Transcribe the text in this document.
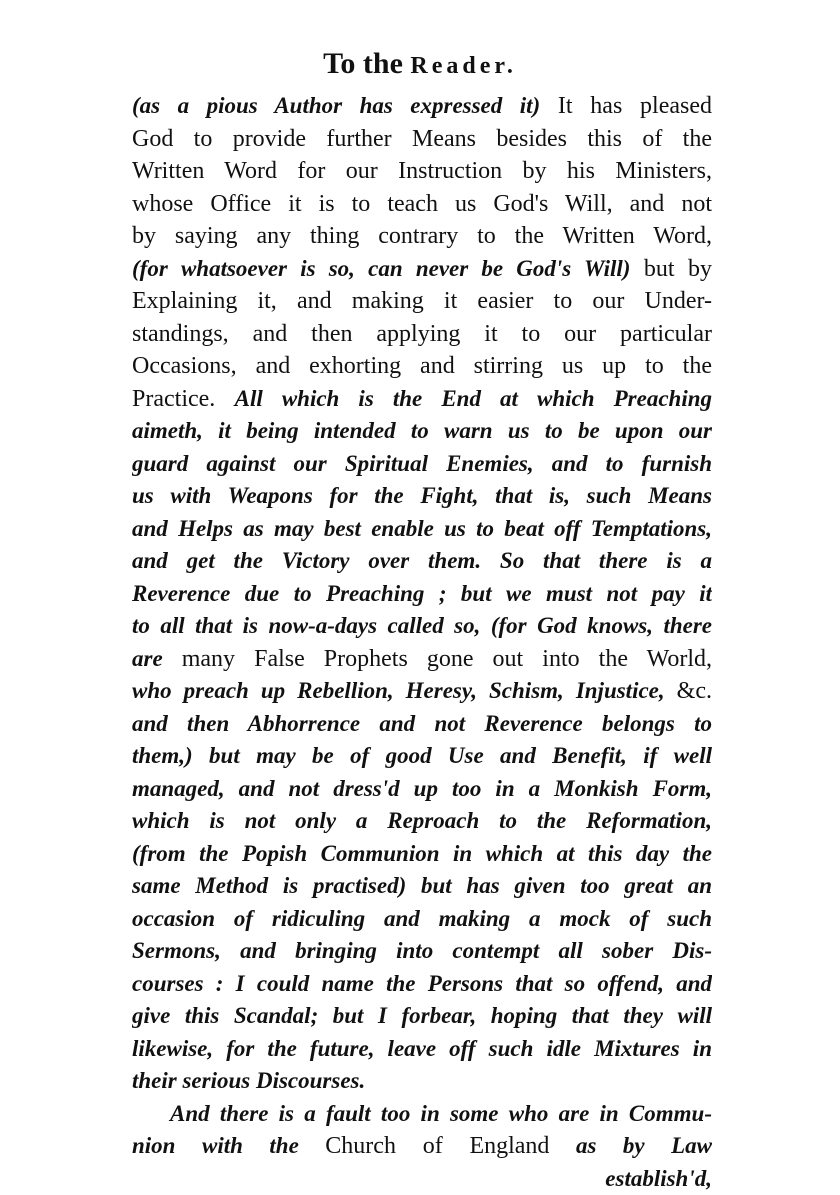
To the Reader.
(as a pious Author has expressed it) It has pleased
God to provide further Means besides this of the
Written Word for our Instruction by his Ministers,
whose Office it is to teach us God's Will, and not
by saying any thing contrary to the Written Word,
(for whatsoever is so, can never be God's Will) but by
Explaining it, and making it easier to our Under-
standings, and then applying it to our particular
Occasions, and exhorting and stirring us up to the
Practice. All which is the End at which Preaching
aimeth, it being intended to warn us to be upon our
guard against our Spiritual Enemies, and to furnish
us with Weapons for the Fight, that is, such Means
and Helps as may best enable us to beat off Temptations,
and get the Victory over them. So that there is a
Reverence due to Preaching ; but we must not pay it
to all that is now-a-days called so, (for God knows, there
are many False Prophets gone out into the World,
who preach up Rebellion, Heresy, Schism, Injustice, &c.
and then Abhorrence and not Reverence belongs to
them,) but may be of good Use and Benefit, if well
managed, and not dress'd up too in a Monkish Form,
which is not only a Reproach to the Reformation,
(from the Popish Communion in which at this day the
same Method is practised) but has given too great an
occasion of ridiculing and making a mock of such
Sermons, and bringing into contempt all sober Dis-
courses : I could name the Persons that so offend, and
give this Scandal; but I forbear, hoping that they will
likewise, for the future, leave off such idle Mixtures in
their serious Discourses.
And there is a fault too in some who are in Commu-
nion with the Church of England as by Law
establish'd,
